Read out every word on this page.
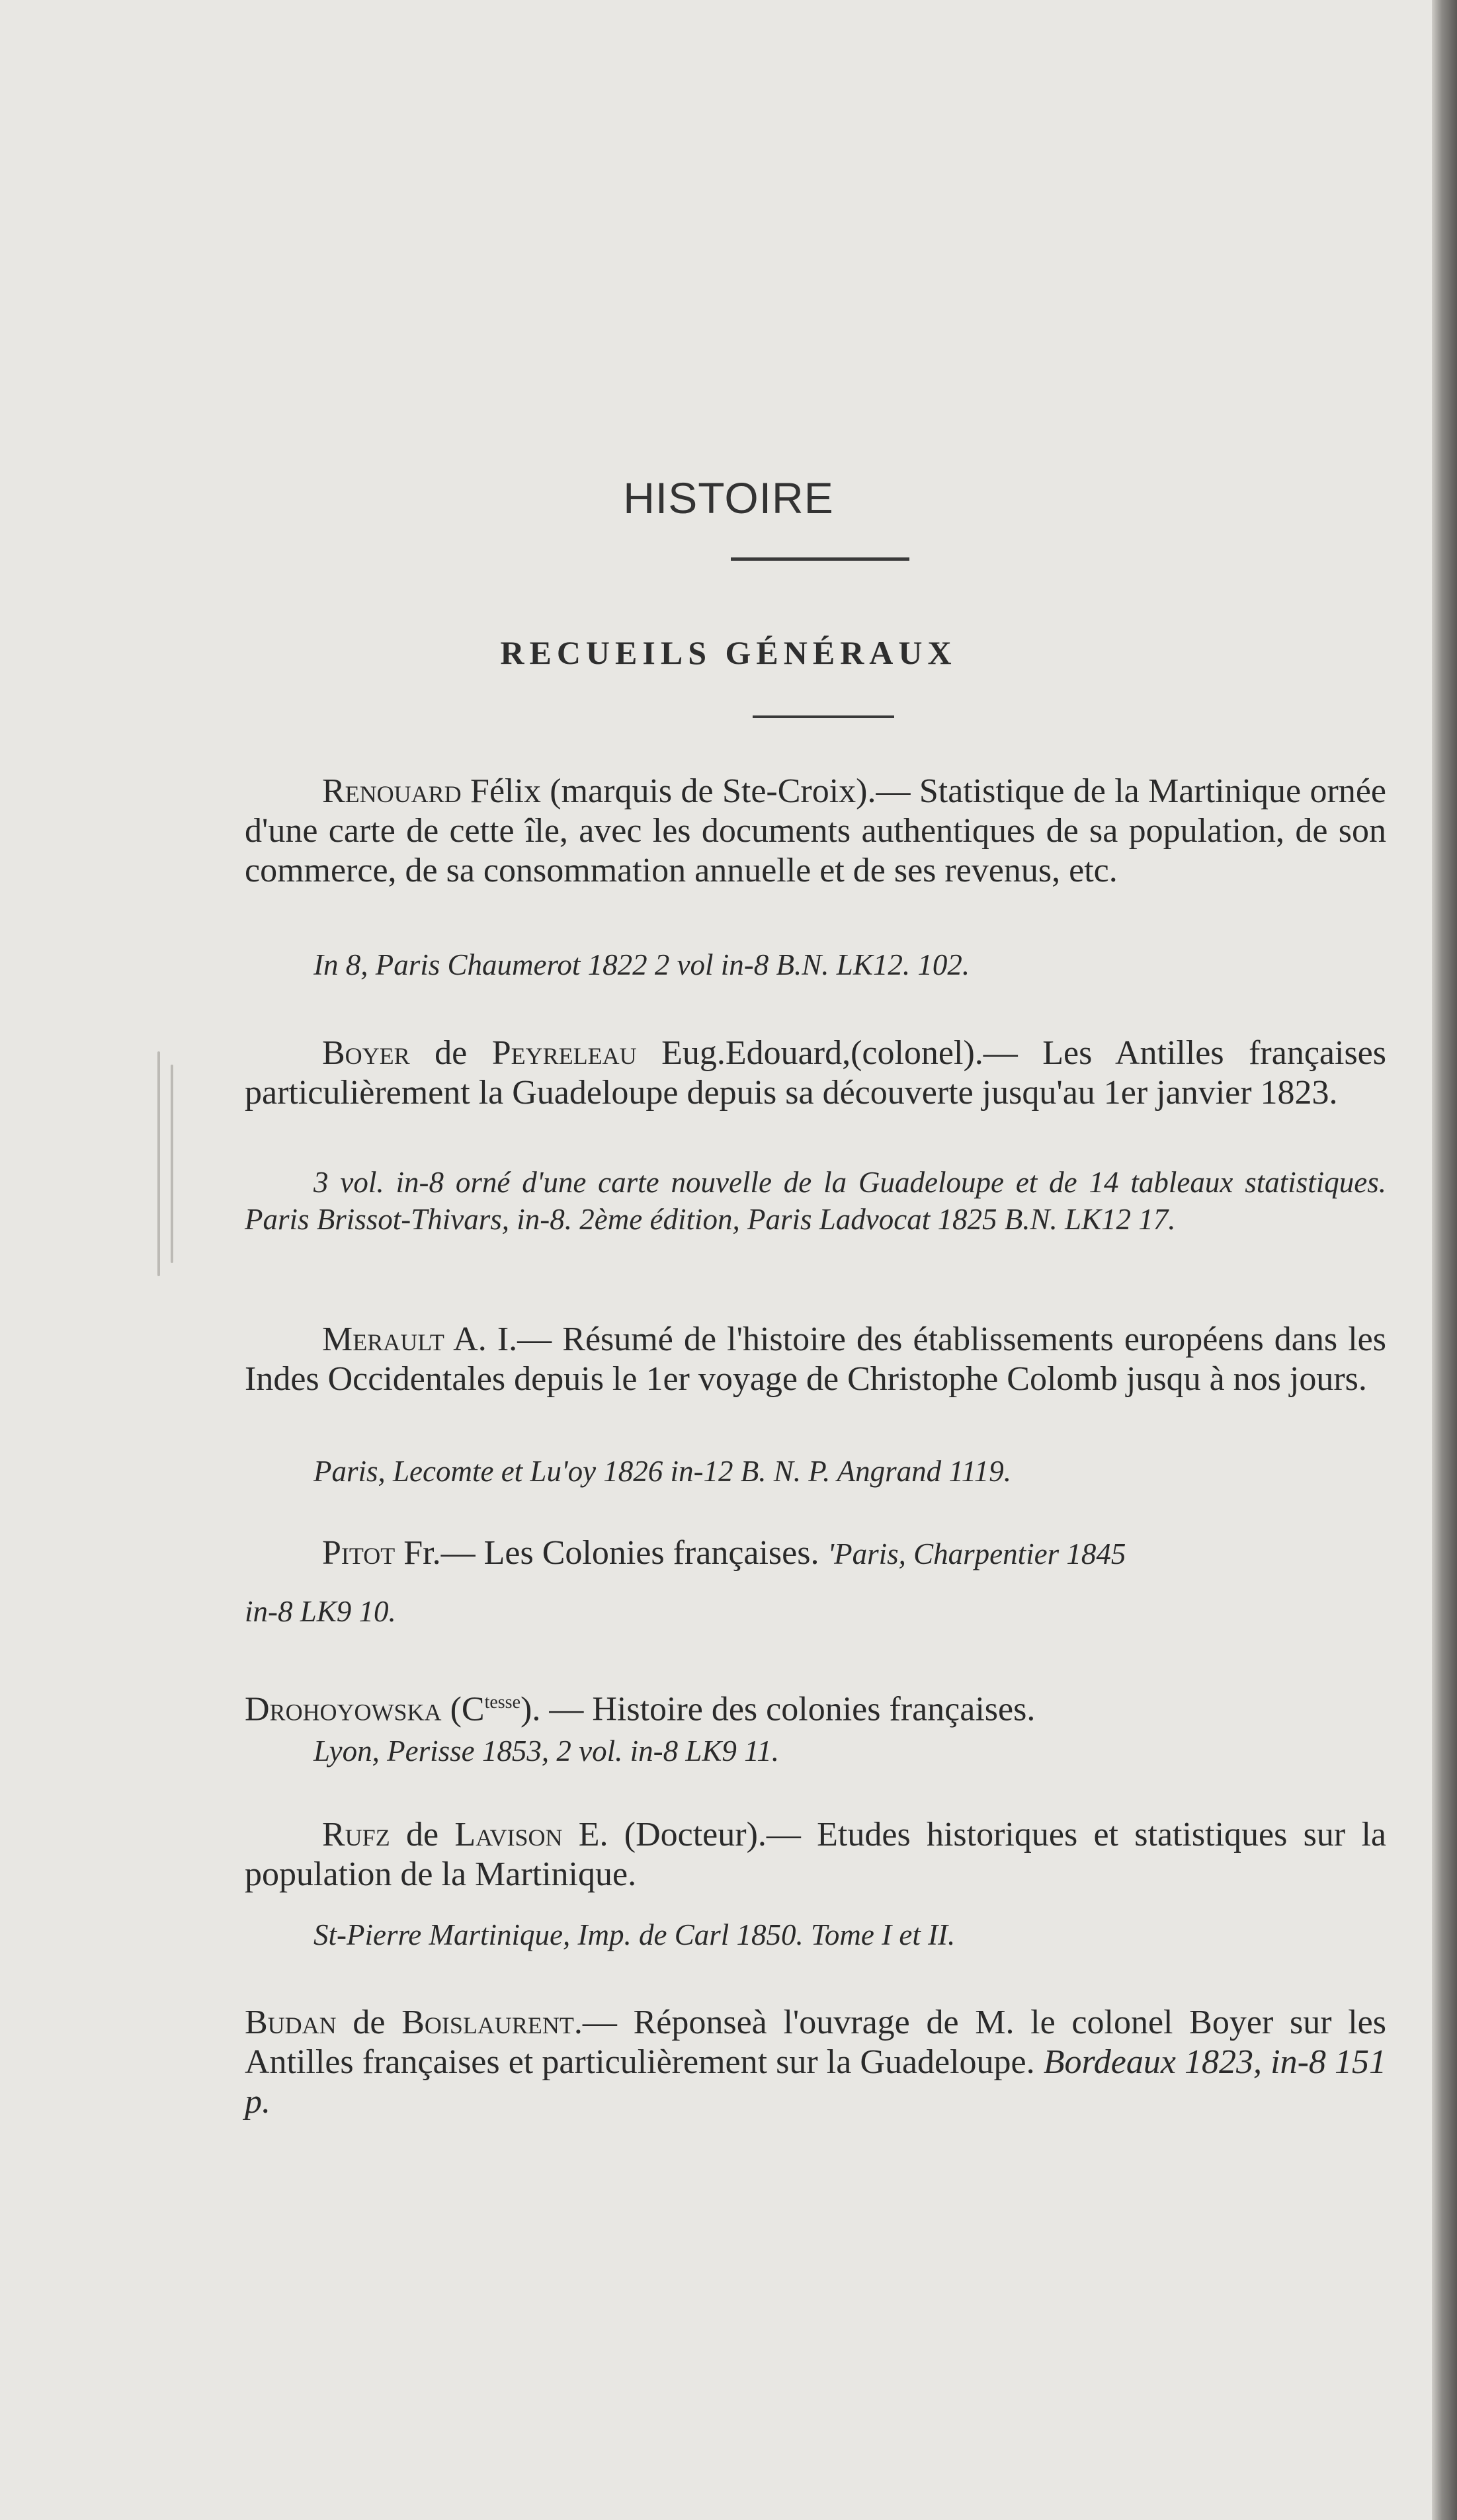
HISTOIRE
RECUEILS GÉNÉRAUX
Renouard Félix (marquis de Ste-Croix).— Statistique de la Martinique ornée d'une carte de cette île, avec les documents authentiques de sa population, de son commerce, de sa consommation annuelle et de ses revenus, etc.
In 8, Paris Chaumerot 1822 2 vol in-8 B.N. LK12. 102.
Boyer de Peyreleau Eug.Edouard,(colonel).— Les Antilles françaises particulièrement la Guadeloupe depuis sa découverte jusqu'au 1er janvier 1823.
3 vol. in-8 orné d'une carte nouvelle de la Guadeloupe et de 14 tableaux statistiques. Paris Brissot-Thivars, in-8. 2ème édition, Paris Ladvocat 1825 B.N. LK12 17.
Merault A. I.— Résumé de l'histoire des établissements européens dans les Indes Occidentales depuis le 1er voyage de Christophe Colomb jusqu à nos jours.
Paris, Lecomte et Lu'oy 1826 in-12 B. N. P. Angrand 1119.
Pitot Fr.— Les Colonies françaises. 'Paris, Charpentier 1845
in-8 LK9 10.
Drohoyowska $(C^{tesse})$. — Histoire des colonies françaises.
Lyon, Perisse 1853, 2 vol. in-8 LK9 11.
Rufz de Lavison E. (Docteur).— Etudes historiques et statistiques sur la population de la Martinique.
St-Pierre Martinique, Imp. de Carl 1850. Tome I et II.
Budan de Boislaurent.— Réponseà l'ouvrage de M. le colonel Boyer sur les Antilles françaises et particulièrement sur la Guadeloupe. Bordeaux 1823, in-8 151 p.
